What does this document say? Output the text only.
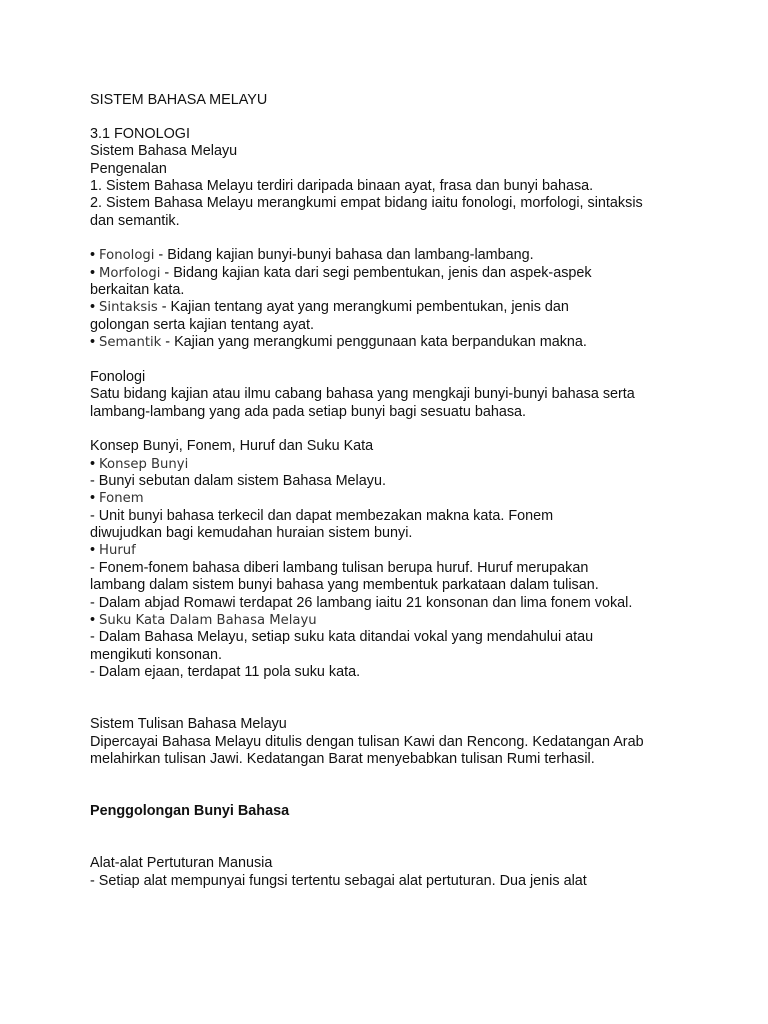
SISTEM BAHASA MELAYU
3.1 FONOLOGI
Sistem Bahasa Melayu
Pengenalan
1. Sistem Bahasa Melayu terdiri daripada binaan ayat, frasa dan bunyi bahasa.
2. Sistem Bahasa Melayu merangkumi empat bidang iaitu fonologi, morfologi, sintaksis
dan semantik.
• Fonologi - Bidang kajian bunyi-bunyi bahasa dan lambang-lambang.
• Morfologi - Bidang kajian kata dari segi pembentukan, jenis dan aspek-aspek
berkaitan kata.
• Sintaksis - Kajian tentang ayat yang merangkumi pembentukan, jenis dan
golongan serta kajian tentang ayat.
• Semantik - Kajian yang merangkumi penggunaan kata berpandukan makna.
Fonologi
Satu bidang kajian atau ilmu cabang bahasa yang mengkaji bunyi-bunyi bahasa serta
lambang-lambang yang ada pada setiap bunyi bagi sesuatu bahasa.
Konsep Bunyi, Fonem, Huruf dan Suku Kata
• Konsep Bunyi
- Bunyi sebutan dalam sistem Bahasa Melayu.
• Fonem
- Unit bunyi bahasa terkecil dan dapat membezakan makna kata. Fonem
diwujudkan bagi kemudahan huraian sistem bunyi.
• Huruf
- Fonem-fonem bahasa diberi lambang tulisan berupa huruf. Huruf merupakan
lambang dalam sistem bunyi bahasa yang membentuk parkataan dalam tulisan.
- Dalam abjad Romawi terdapat 26 lambang iaitu 21 konsonan dan lima fonem vokal.
• Suku Kata Dalam Bahasa Melayu
- Dalam Bahasa Melayu, setiap suku kata ditandai vokal yang mendahului atau
mengikuti konsonan.
- Dalam ejaan, terdapat 11 pola suku kata.
Sistem Tulisan Bahasa Melayu
Dipercayai Bahasa Melayu ditulis dengan tulisan Kawi dan Rencong. Kedatangan Arab
melahirkan tulisan Jawi. Kedatangan Barat menyebabkan tulisan Rumi terhasil.
Penggolongan Bunyi Bahasa
Alat-alat Pertuturan Manusia
- Setiap alat mempunyai fungsi tertentu sebagai alat pertuturan. Dua jenis alat
